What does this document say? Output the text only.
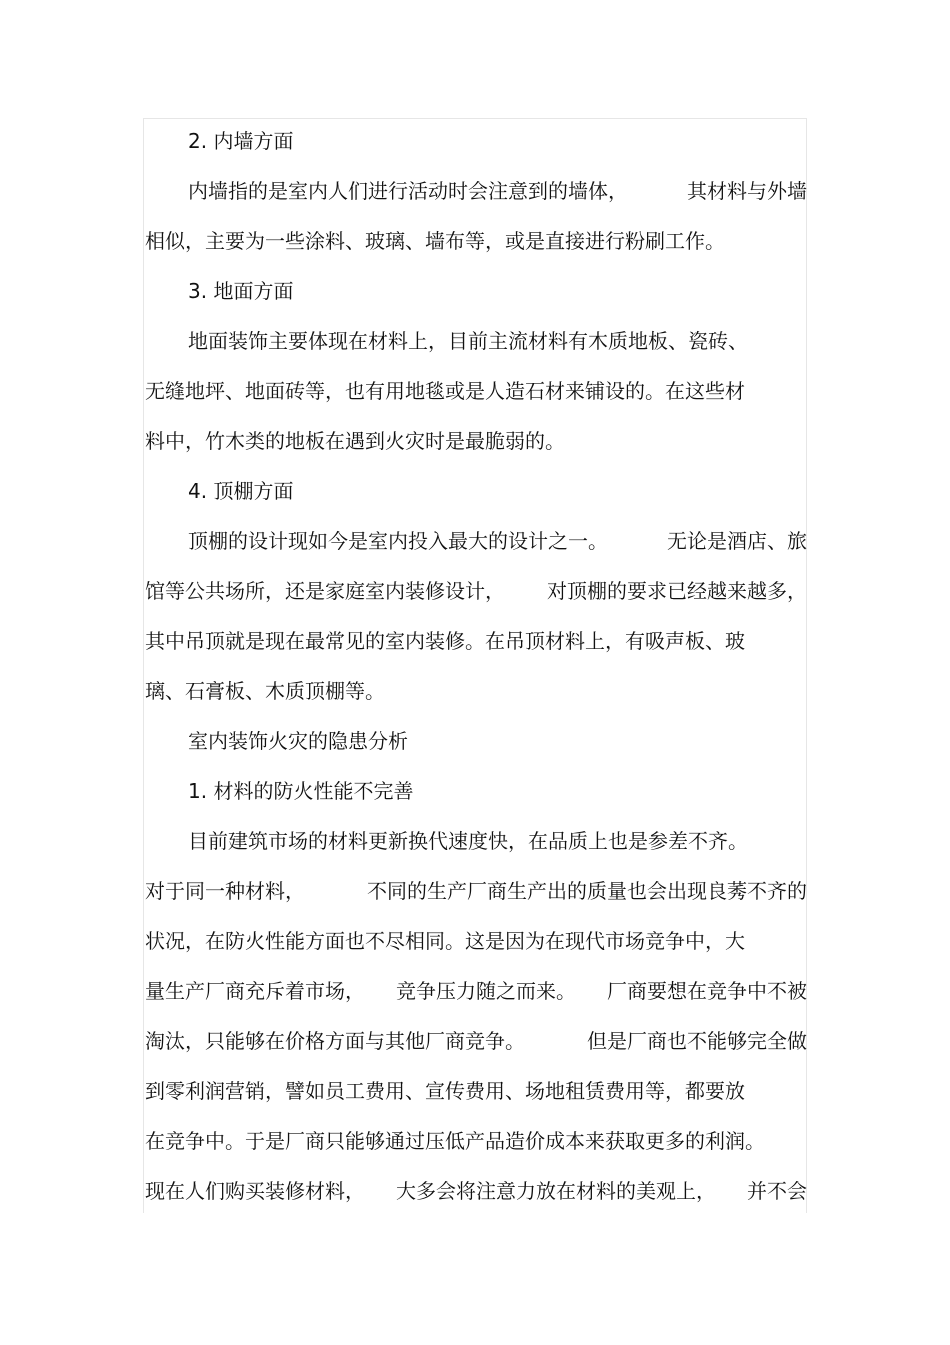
2. 内墙方面
内墙指的是室内人们进行活动时会注意到的墙体，	其材料与外墙
相似，主要为一些涂料、玻璃、墙布等，或是直接进行粉刷工作。
3. 地面方面
地面装饰主要体现在材料上，目前主流材料有木质地板、瓷砖、
无缝地坪、地面砖等，也有用地毯或是人造石材来铺设的。在这些材
料中，竹木类的地板在遇到火灾时是最脆弱的。
4. 顶棚方面
顶棚的设计现如今是室内投入最大的设计之一。	无论是酒店、旅
馆等公共场所，还是家庭室内装修设计， 对顶棚的要求已经越来越多，
其中吊顶就是现在最常见的室内装修。在吊顶材料上，有吸声板、玻
璃、石膏板、木质顶棚等。
室内装饰火灾的隐患分析
1. 材料的防火性能不完善
目前建筑市场的材料更新换代速度快，在品质上也是参差不齐。
对于同一种材料，	不同的生产厂商生产出的质量也会出现良莠不齐的
状况，在防火性能方面也不尽相同。这是因为在现代市场竞争中，大
量生产厂商充斥着市场， 竞争压力随之而来。 厂商要想在竞争中不被
淘汰，只能够在价格方面与其他厂商竞争。	但是厂商也不能够完全做
到零利润营销，譬如员工费用、宣传费用、场地租赁费用等，都要放
在竞争中。于是厂商只能够通过压低产品造价成本来获取更多的利润。
现在人们购买装修材料， 大多会将注意力放在材料的美观上， 并不会
